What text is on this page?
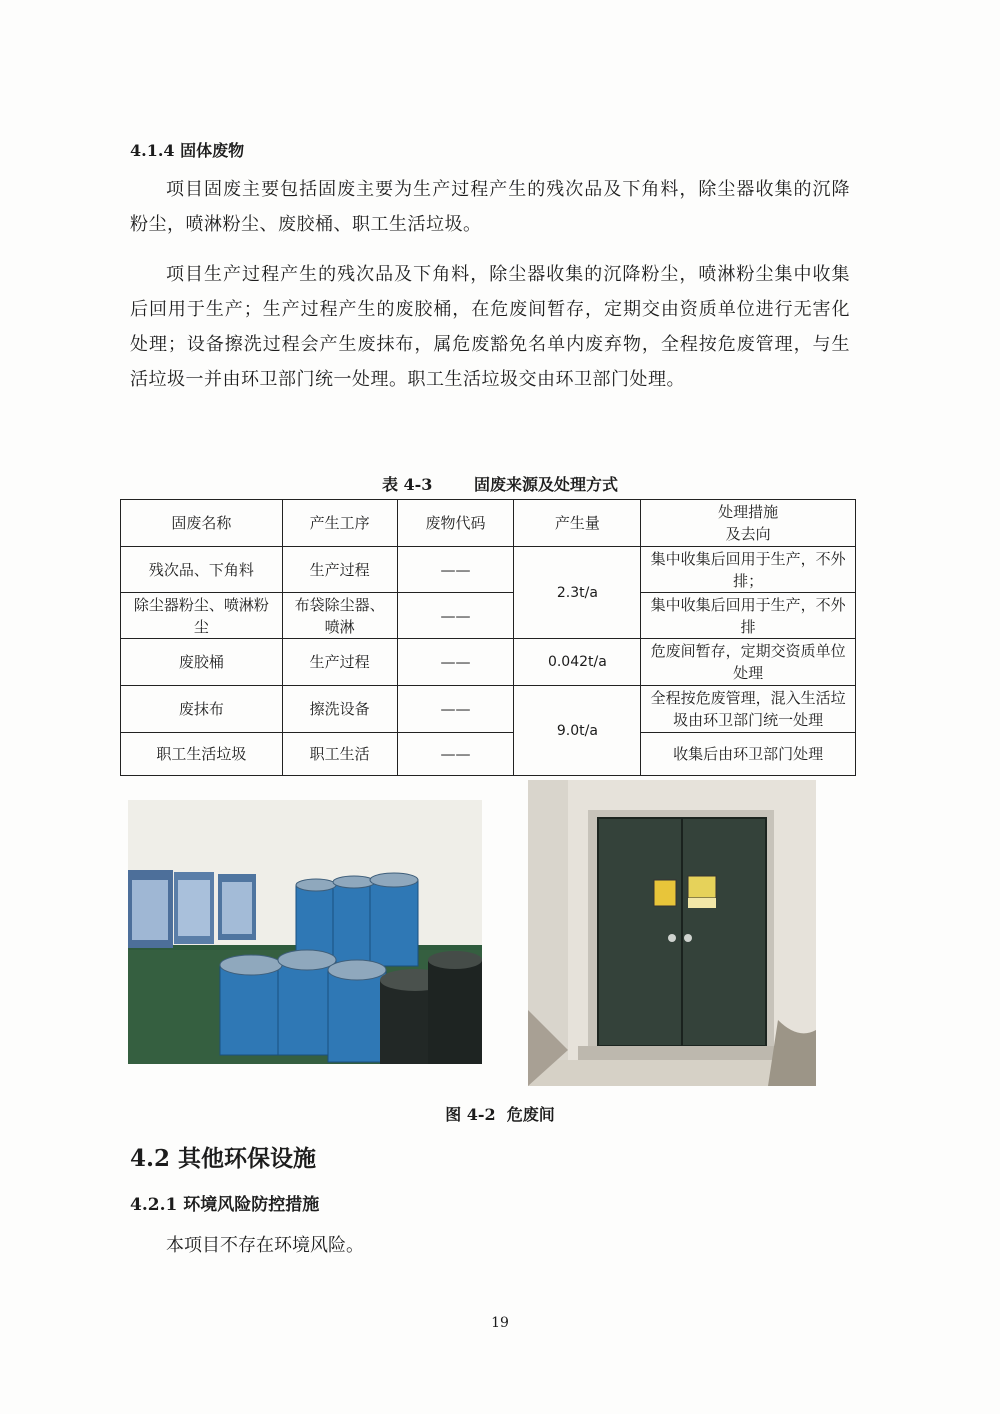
4.1.4 固体废物
项目固废主要包括固废主要为生产过程产生的残次品及下角料，除尘器收集的沉降粉尘，喷淋粉尘、废胶桶、职工生活垃圾。
项目生产过程产生的残次品及下角料，除尘器收集的沉降粉尘，喷淋粉尘集中收集后回用于生产；生产过程产生的废胶桶，在危废间暂存，定期交由资质单位进行无害化处理；设备擦洗过程会产生废抹布，属危废豁免名单内废弃物，全程按危废管理，与生活垃圾一并由环卫部门统一处理。职工生活垃圾交由环卫部门处理。
表 4-3	固废来源及处理方式
固废名称	产生工序	废物代码	产生量	处理措施
及去向
残次品、下角料	生产过程	——	2.3t/a	集中收集后回用于生产，不外排；
除尘器粉尘、喷淋粉尘	布袋除尘器、喷淋	——		集中收集后回用于生产，不外排
废胶桶	生产过程	——	0.042t/a	危废间暂存，定期交资质单位处理
废抹布	擦洗设备	——	9.0t/a	全程按危废管理，混入生活垃圾由环卫部门统一处理
职工生活垃圾	职工生活	——		收集后由环卫部门处理
图 4-2  危废间
4.2 其他环保设施
4.2.1 环境风险防控措施
本项目不存在环境风险。
19
